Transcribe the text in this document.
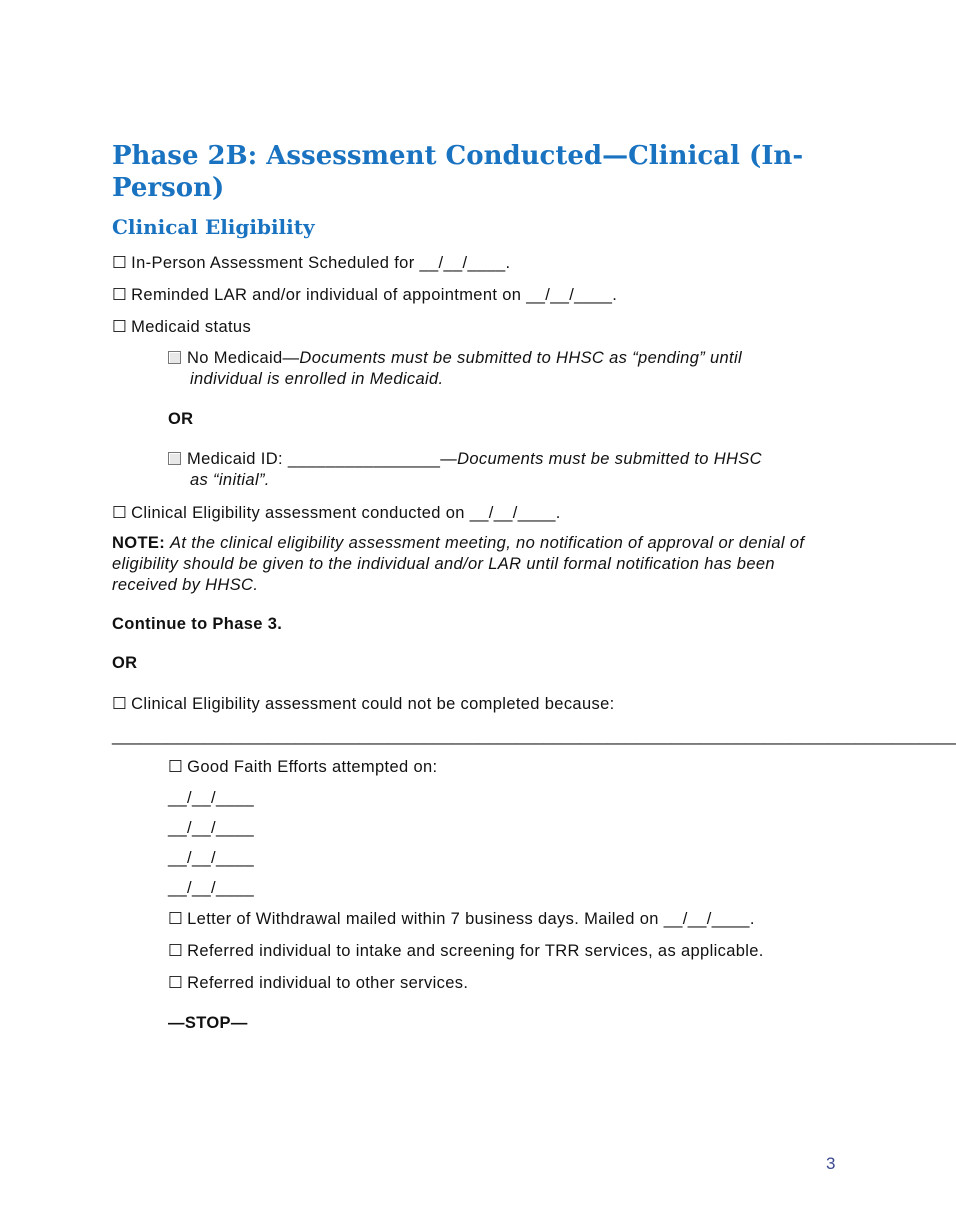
Phase 2B: Assessment Conducted—Clinical (In-Person)
Clinical Eligibility
☐ In-Person Assessment Scheduled for __/__/____.
☐ Reminded LAR and/or individual of appointment on __/__/____.
☐ Medicaid status
No Medicaid—Documents must be submitted to HHSC as “pending” until
individual is enrolled in Medicaid.
OR
Medicaid ID: ________________—Documents must be submitted to HHSC
as “initial”.
☐ Clinical Eligibility assessment conducted on __/__/____.
NOTE: At the clinical eligibility assessment meeting, no notification of approval or denial of eligibility should be given to the individual and/or LAR until formal notification has been received by HHSC.
Continue to Phase 3.
OR
☐ Clinical Eligibility assessment could not be completed because:
____________________________________________________________________________________________
☐ Good Faith Efforts attempted on:
__/__/____
__/__/____
__/__/____
__/__/____
☐ Letter of Withdrawal mailed within 7 business days. Mailed on __/__/____.
☐ Referred individual to intake and screening for TRR services, as applicable.
☐ Referred individual to other services.
—STOP—
3
